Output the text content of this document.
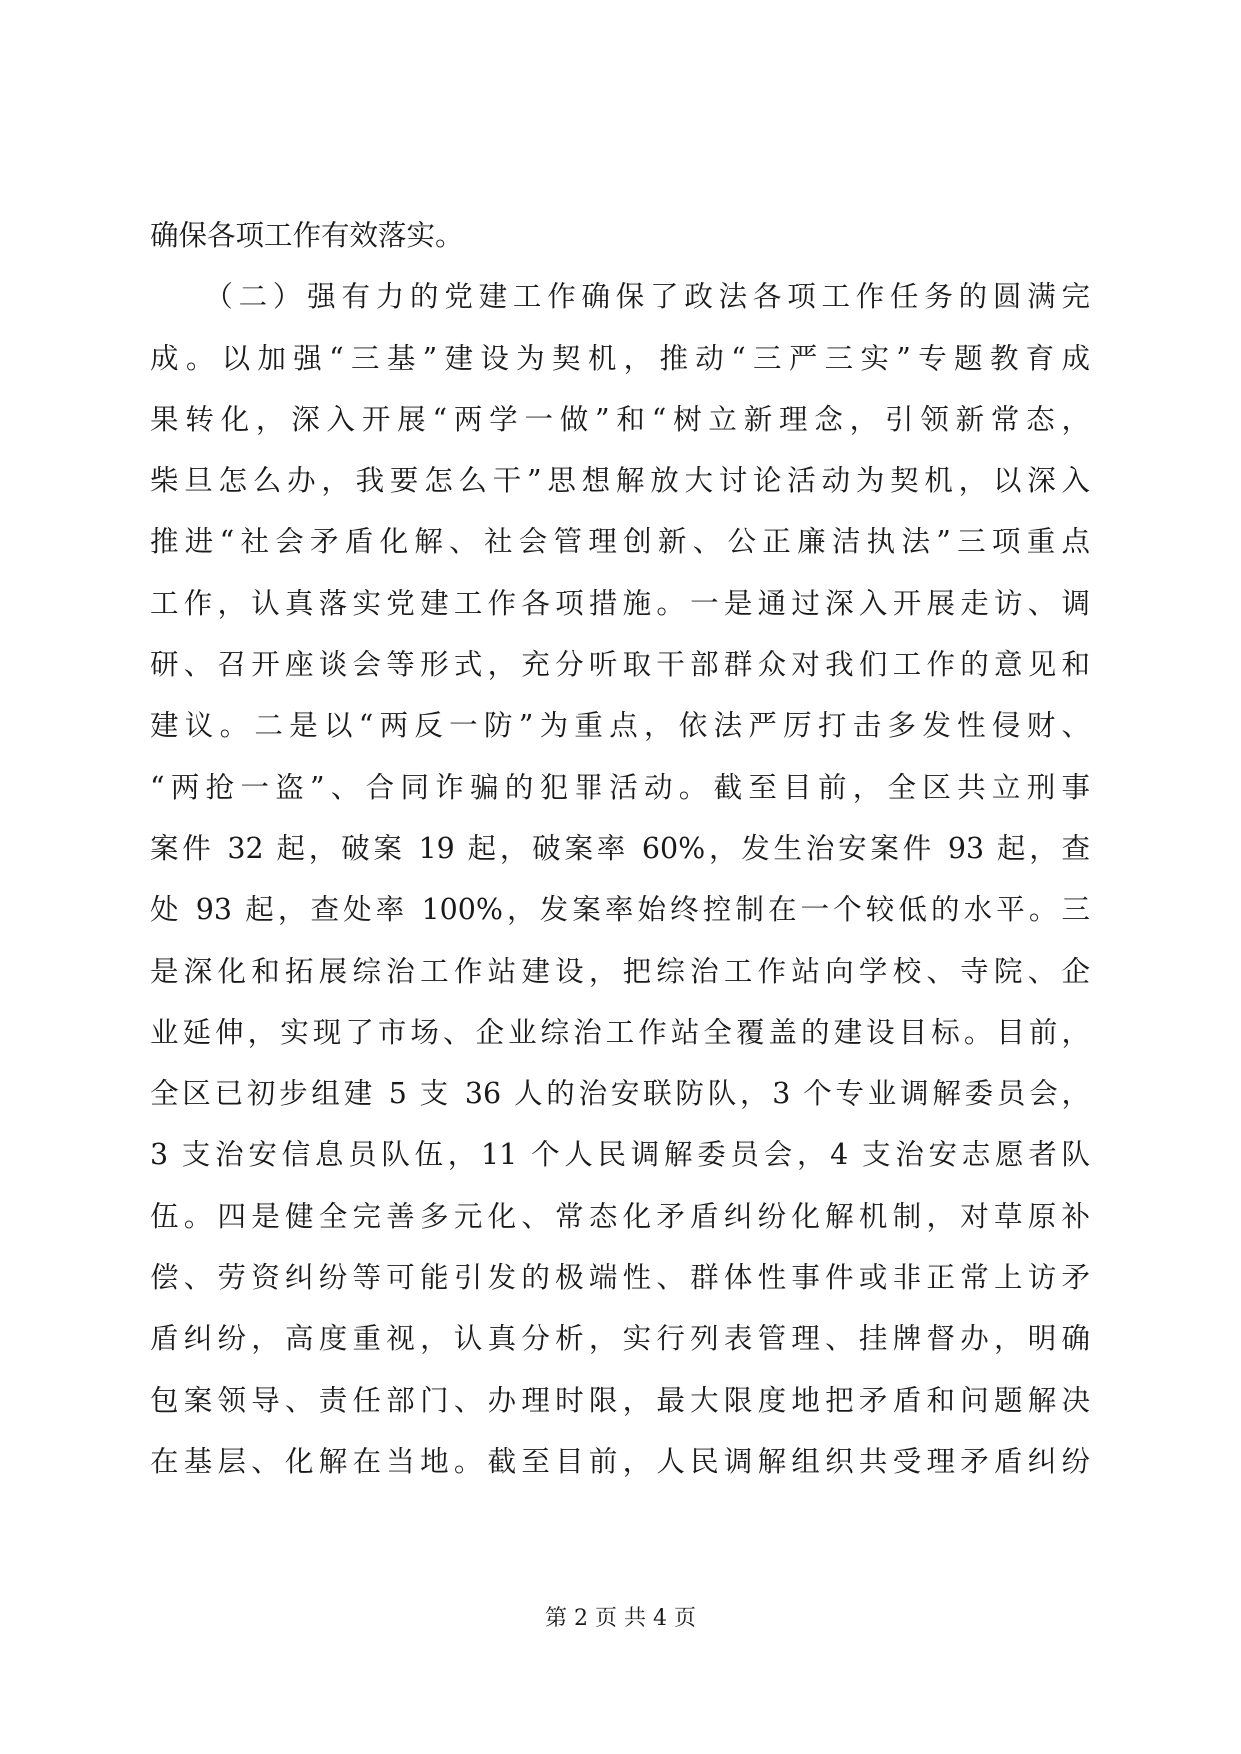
确保各项工作有效落实。
　　（二）强有力的党建工作确保了政法各项工作任务的圆满完
成。以加强“三基”建设为契机，推动“三严三实”专题教育成
果转化，深入开展“两学一做”和“树立新理念，引领新常态，
柴旦怎么办，我要怎么干”思想解放大讨论活动为契机，以深入
推进“社会矛盾化解、社会管理创新、公正廉洁执法”三项重点
工作，认真落实党建工作各项措施。一是通过深入开展走访、调
研、召开座谈会等形式，充分听取干部群众对我们工作的意见和
建议。二是以“两反一防”为重点，依法严厉打击多发性侵财、
“两抢一盗”、合同诈骗的犯罪活动。截至目前，全区共立刑事
案件 32 起，破案 19 起，破案率 60%，发生治安案件 93 起，查
处 93 起，查处率 100%，发案率始终控制在一个较低的水平。三
是深化和拓展综治工作站建设，把综治工作站向学校、寺院、企
业延伸，实现了市场、企业综治工作站全覆盖的建设目标。目前，
全区已初步组建 5 支 36 人的治安联防队，3 个专业调解委员会，
3 支治安信息员队伍，11 个人民调解委员会，4 支治安志愿者队
伍。四是健全完善多元化、常态化矛盾纠纷化解机制，对草原补
偿、劳资纠纷等可能引发的极端性、群体性事件或非正常上访矛
盾纠纷，高度重视，认真分析，实行列表管理、挂牌督办，明确
包案领导、责任部门、办理时限，最大限度地把矛盾和问题解决
在基层、化解在当地。截至目前，人民调解组织共受理矛盾纠纷
第 2 页 共 4 页
